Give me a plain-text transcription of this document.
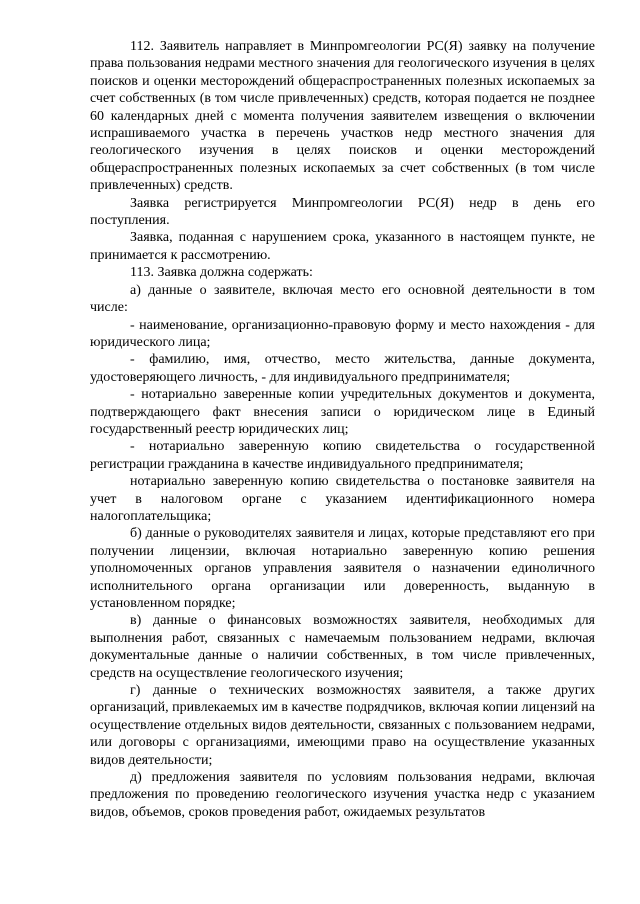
112. Заявитель направляет в Минпромгеологии РС(Я) заявку на получение права пользования недрами местного значения для геологического изучения в целях поисков и оценки месторождений общераспространенных полезных ископаемых за счет собственных (в том числе привлеченных) средств, которая подается не позднее 60 календарных дней с момента получения заявителем извещения о включении испрашиваемого участка в перечень участков недр местного значения для геологического изучения в целях поисков и оценки месторождений общераспространенных полезных ископаемых за счет собственных (в том числе привлеченных) средств.

Заявка регистрируется Минпромгеологии РС(Я) недр в день его поступления.

Заявка, поданная с нарушением срока, указанного в настоящем пункте, не принимается к рассмотрению.

113. Заявка должна содержать:

а) данные о заявителе, включая место его основной деятельности в том числе:

- наименование, организационно-правовую форму и место нахождения - для юридического лица;

- фамилию, имя, отчество, место жительства, данные документа, удостоверяющего личность, - для индивидуального предпринимателя;

- нотариально заверенные копии учредительных документов и документа, подтверждающего факт внесения записи о юридическом лице в Единый государственный реестр юридических лиц;

- нотариально заверенную копию свидетельства о государственной регистрации гражданина в качестве индивидуального предпринимателя;

нотариально заверенную копию свидетельства о постановке заявителя на учет в налоговом органе с указанием идентификационного номера налогоплательщика;

б) данные о руководителях заявителя и лицах, которые представляют его при получении лицензии, включая нотариально заверенную копию решения уполномоченных органов управления заявителя о назначении единоличного исполнительного органа организации или доверенность, выданную в установленном порядке;

в) данные о финансовых возможностях заявителя, необходимых для выполнения работ, связанных с намечаемым пользованием недрами, включая документальные данные о наличии собственных, в том числе привлеченных, средств на осуществление геологического изучения;

г) данные о технических возможностях заявителя, а также других организаций, привлекаемых им в качестве подрядчиков, включая копии лицензий на осуществление отдельных видов деятельности, связанных с пользованием недрами, или договоры с организациями, имеющими право на осуществление указанных видов деятельности;

д) предложения заявителя по условиям пользования недрами, включая предложения по проведению геологического изучения участка недр с указанием видов, объемов, сроков проведения работ, ожидаемых результатов
